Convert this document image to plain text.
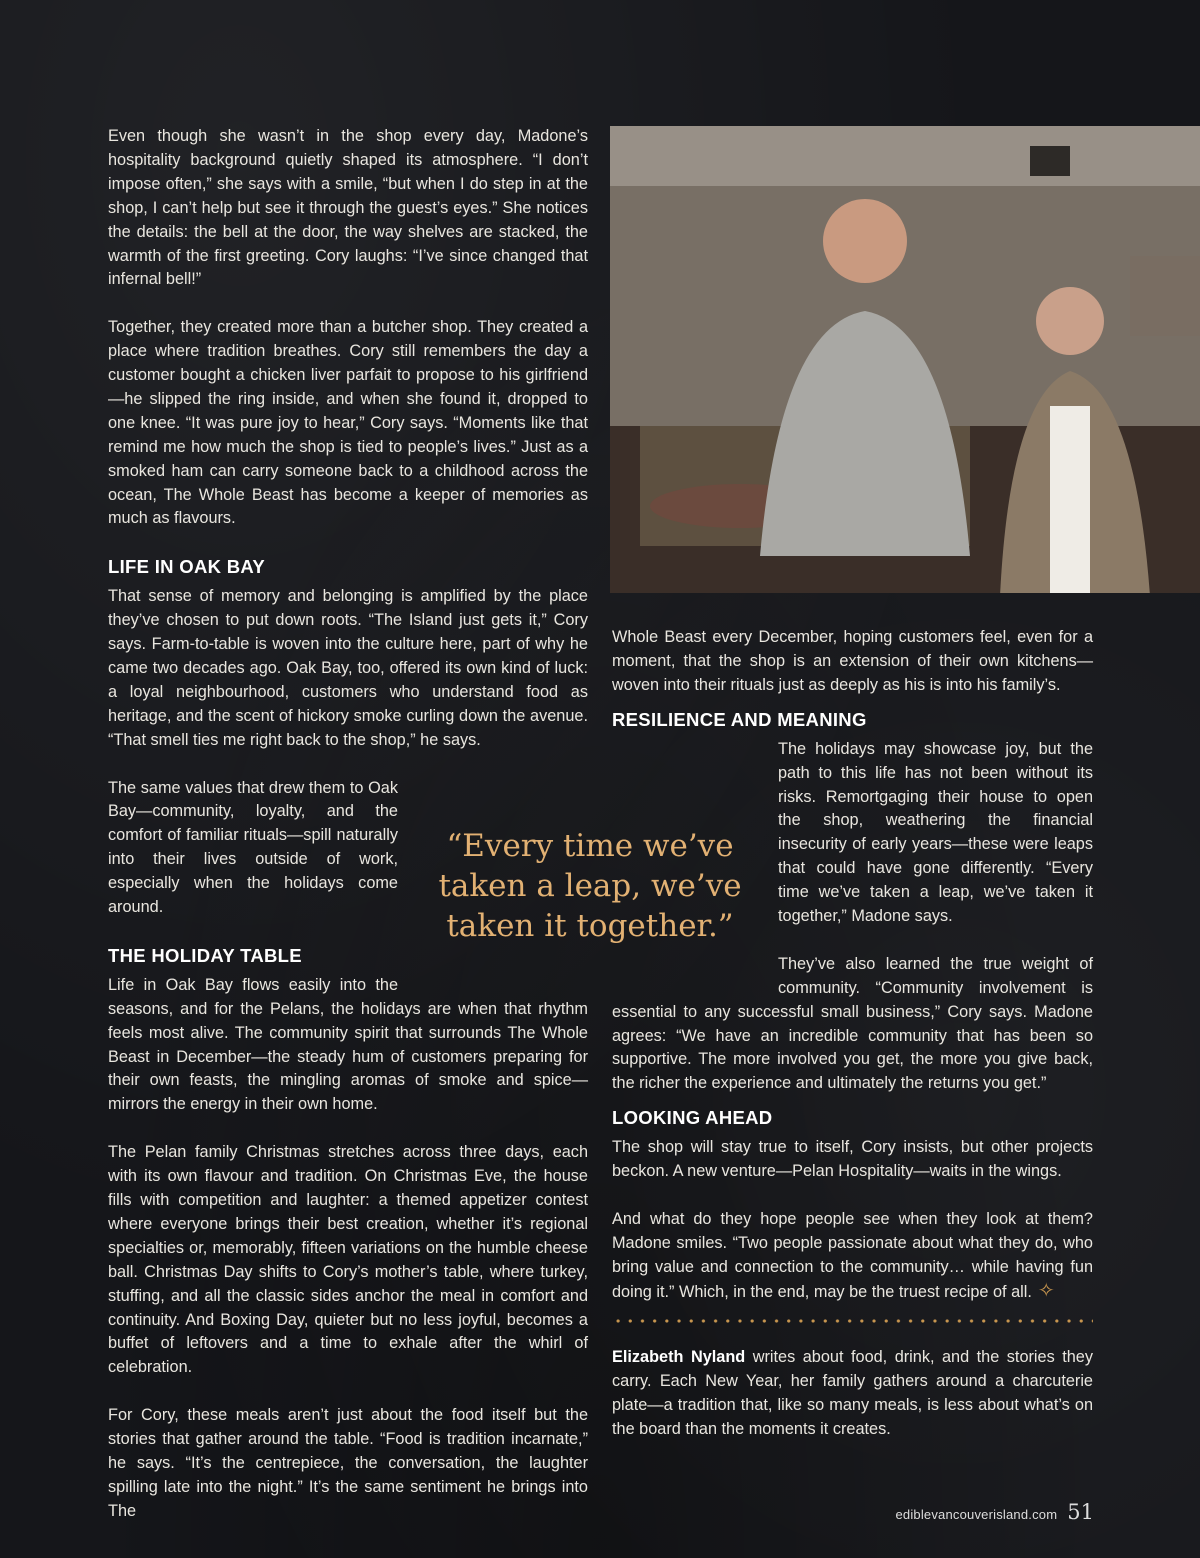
Even though she wasn’t in the shop every day, Madone’s hospitality background quietly shaped its atmosphere. “I don’t impose often,” she says with a smile, “but when I do step in at the shop, I can’t help but see it through the guest’s eyes.” She notices the details: the bell at the door, the way shelves are stacked, the warmth of the first greeting. Cory laughs: “I’ve since changed that infernal bell!”

Together, they created more than a butcher shop. They created a place where tradition breathes. Cory still remembers the day a customer bought a chicken liver parfait to propose to his girlfriend—he slipped the ring inside, and when she found it, dropped to one knee. “It was pure joy to hear,” Cory says. “Moments like that remind me how much the shop is tied to people’s lives.” Just as a smoked ham can carry someone back to a childhood across the ocean, The Whole Beast has become a keeper of memories as much as flavours.

LIFE IN OAK BAY

That sense of memory and belonging is amplified by the place they’ve chosen to put down roots. “The Island just gets it,” Cory says. Farm-to-table is woven into the culture here, part of why he came two decades ago. Oak Bay, too, offered its own kind of luck: a loyal neighbourhood, customers who understand food as heritage, and the scent of hickory smoke curling down the avenue. “That smell ties me right back to the shop,” he says.

The same values that drew them to Oak Bay—community, loyalty, and the comfort of familiar rituals—spill naturally into their lives outside of work, especially when the holidays come around.

THE HOLIDAY TABLE

Life in Oak Bay flows easily into the seasons, and for the Pelans, the holidays are when that rhythm feels most alive. The community spirit that surrounds The Whole Beast in December—the steady hum of customers preparing for their own feasts, the mingling aromas of smoke and spice—mirrors the energy in their own home.

The Pelan family Christmas stretches across three days, each with its own flavour and tradition. On Christmas Eve, the house fills with competition and laughter: a themed appetizer contest where everyone brings their best creation, whether it’s regional specialties or, memorably, fifteen variations on the humble cheese ball. Christmas Day shifts to Cory’s mother’s table, where turkey, stuffing, and all the classic sides anchor the meal in comfort and continuity. And Boxing Day, quieter but no less joyful, becomes a buffet of leftovers and a time to exhale after the whirl of celebration.

For Cory, these meals aren’t just about the food itself but the stories that gather around the table. “Food is tradition incarnate,” he says. “It’s the centrepiece, the conversation, the laughter spilling late into the night.” It’s the same sentiment he brings into The

“Every time we’ve taken a leap, we’ve taken it together.”

Whole Beast every December, hoping customers feel, even for a moment, that the shop is an extension of their own kitchens—woven into their rituals just as deeply as his is into his family’s.

RESILIENCE AND MEANING

The holidays may showcase joy, but the path to this life has not been without its risks. Remortgaging their house to open the shop, weathering the financial insecurity of early years—these were leaps that could have gone differently. “Every time we’ve taken a leap, we’ve taken it together,” Madone says.

They’ve also learned the true weight of community. “Community involvement is essential to any successful small business,” Cory says. Madone agrees: “We have an incredible community that has been so supportive. The more involved you get, the more you give back, the richer the experience and ultimately the returns you get.”

LOOKING AHEAD

The shop will stay true to itself, Cory insists, but other projects beckon. A new venture—Pelan Hospitality—waits in the wings.

And what do they hope people see when they look at them? Madone smiles. “Two people passionate about what they do, who bring value and connection to the community… while having fun doing it.” Which, in the end, may be the truest recipe of all. ✧

Elizabeth Nyland writes about food, drink, and the stories they carry. Each New Year, her family gathers around a charcuterie plate—a tradition that, like so many meals, is less about what’s on the board than the moments it creates.

ediblevancouverisland.com 51
